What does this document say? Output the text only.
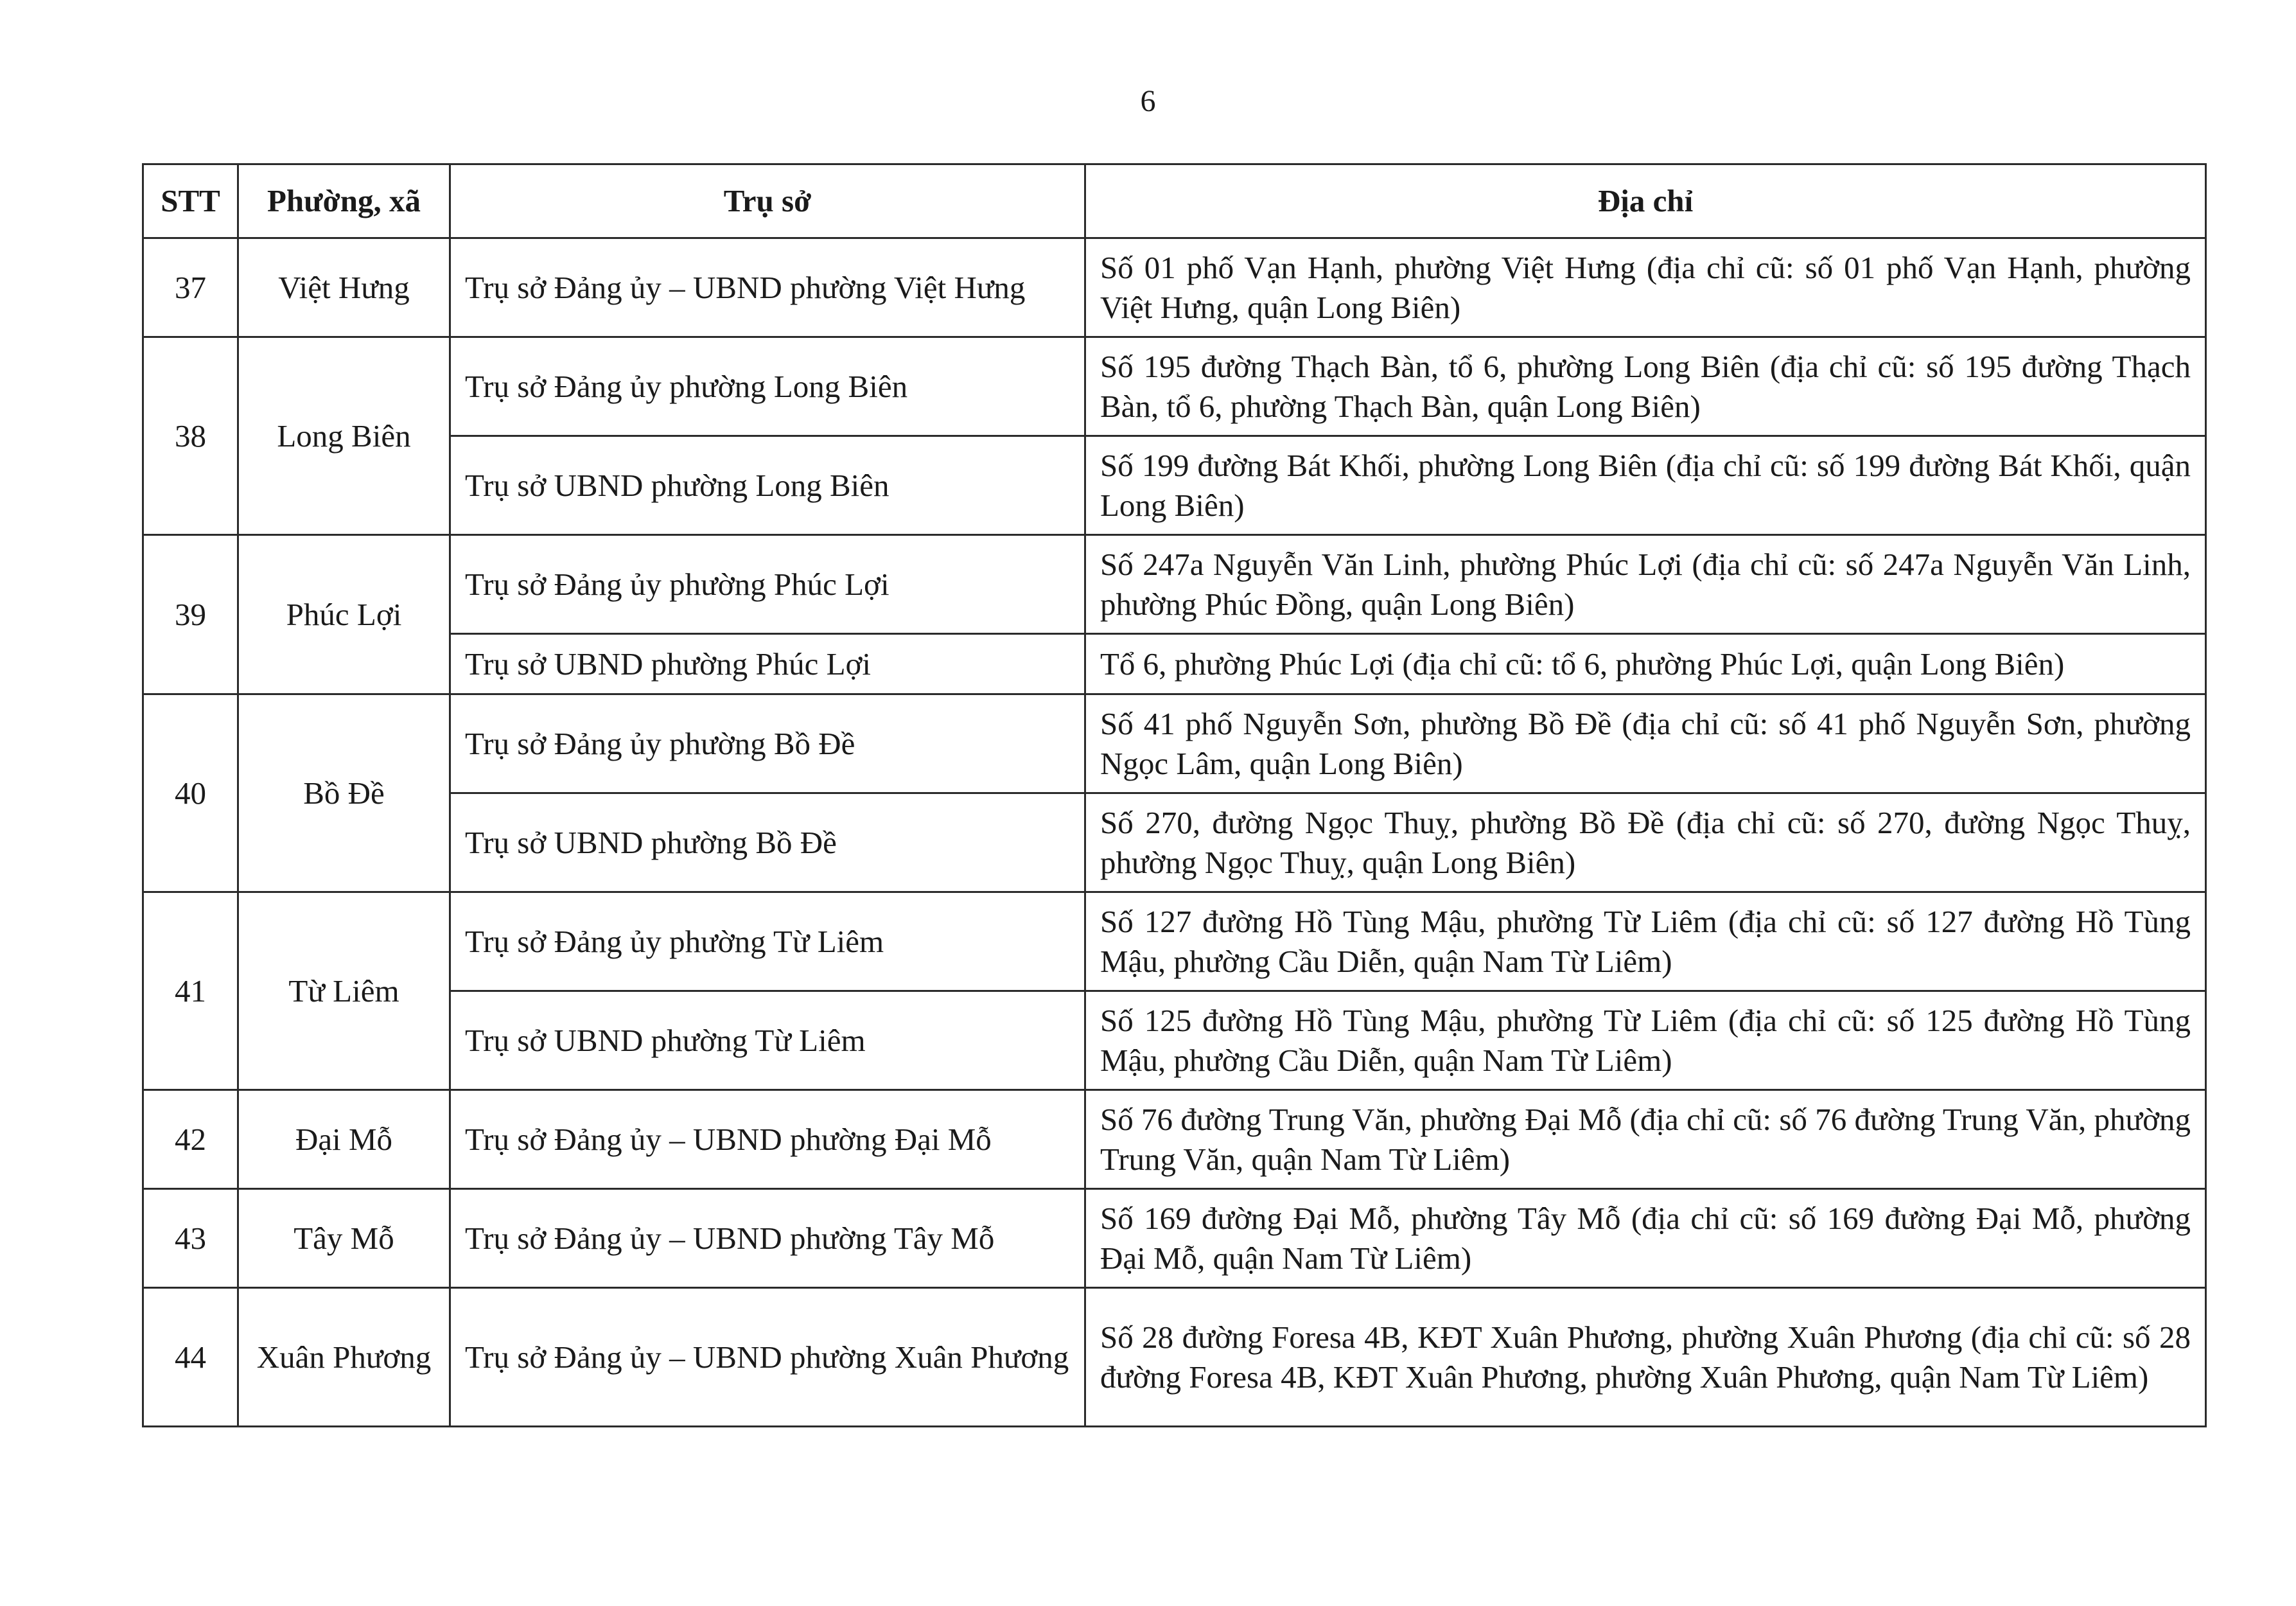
6
STT	Phường, xã	Trụ sở	Địa chỉ
37	Việt Hưng	Trụ sở Đảng ủy – UBND phường Việt Hưng	Số 01 phố Vạn Hạnh, phường Việt Hưng (địa chỉ cũ: số 01 phố Vạn Hạnh, phường Việt Hưng, quận Long Biên)
38	Long Biên	Trụ sở Đảng ủy phường Long Biên	Số 195 đường Thạch Bàn, tổ 6, phường Long Biên (địa chỉ cũ: số 195 đường Thạch Bàn, tổ 6, phường Thạch Bàn, quận Long Biên)
		Trụ sở UBND phường Long Biên	Số 199 đường Bát Khối, phường Long Biên (địa chỉ cũ: số 199 đường Bát Khối, quận Long Biên)
39	Phúc Lợi	Trụ sở Đảng ủy phường Phúc Lợi	Số 247a Nguyễn Văn Linh, phường Phúc Lợi (địa chỉ cũ: số 247a Nguyễn Văn Linh, phường Phúc Đồng, quận Long Biên)
		Trụ sở UBND phường Phúc Lợi	Tổ 6, phường Phúc Lợi (địa chỉ cũ: tổ 6, phường Phúc Lợi, quận Long Biên)
40	Bồ Đề	Trụ sở Đảng ủy phường Bồ Đề	Số 41 phố Nguyễn Sơn, phường Bồ Đề (địa chỉ cũ: số 41 phố Nguyễn Sơn, phường Ngọc Lâm, quận Long Biên)
		Trụ sở UBND phường Bồ Đề	Số 270, đường Ngọc Thuỵ, phường Bồ Đề (địa chỉ cũ: số 270, đường Ngọc Thuỵ, phường Ngọc Thuỵ, quận Long Biên)
41	Từ Liêm	Trụ sở Đảng ủy phường Từ Liêm	Số 127 đường Hồ Tùng Mậu, phường Từ Liêm (địa chỉ cũ: số 127 đường Hồ Tùng Mậu, phường Cầu Diễn, quận Nam Từ Liêm)
		Trụ sở UBND phường Từ Liêm	Số 125 đường Hồ Tùng Mậu, phường Từ Liêm (địa chỉ cũ: số 125 đường Hồ Tùng Mậu, phường Cầu Diễn, quận Nam Từ Liêm)
42	Đại Mỗ	Trụ sở Đảng ủy – UBND phường Đại Mỗ	Số 76 đường Trung Văn, phường Đại Mỗ (địa chỉ cũ: số 76 đường Trung Văn, phường Trung Văn, quận Nam Từ Liêm)
43	Tây Mỗ	Trụ sở Đảng ủy – UBND phường Tây Mỗ	Số 169 đường Đại Mỗ, phường Tây Mỗ (địa chỉ cũ: số 169 đường Đại Mỗ, phường Đại Mỗ, quận Nam Từ Liêm)
44	Xuân Phương	Trụ sở Đảng ủy – UBND phường Xuân Phương	Số 28 đường Foresa 4B, KĐT Xuân Phương, phường Xuân Phương (địa chỉ cũ: số 28 đường Foresa 4B, KĐT Xuân Phương, phường Xuân Phương, quận Nam Từ Liêm)
